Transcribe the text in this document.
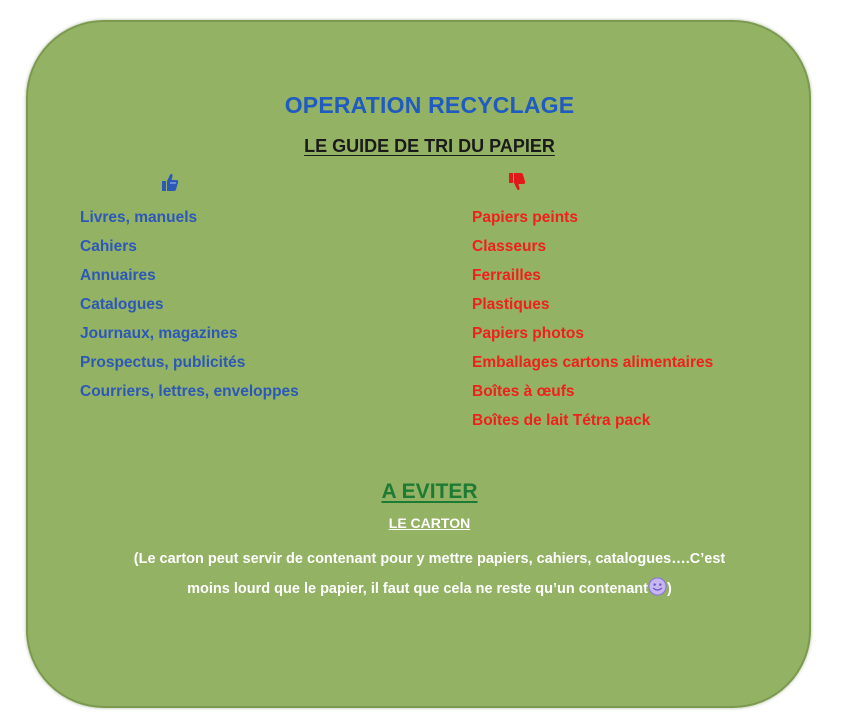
OPERATION RECYCLAGE
LE GUIDE DE TRI DU PAPIER
Livres, manuels
Cahiers
Annuaires
Catalogues
Journaux, magazines
Prospectus, publicités
Courriers, lettres, enveloppes
Papiers peints
Classeurs
Ferrailles
Plastiques
Papiers photos
Emballages cartons alimentaires
Boîtes à œufs
Boîtes de lait Tétra pack
A EVITER
LE CARTON
(Le carton peut servir de contenant pour y mettre papiers, cahiers, catalogues….C’est
moins lourd que le papier, il faut que cela ne reste qu’un contenant )
